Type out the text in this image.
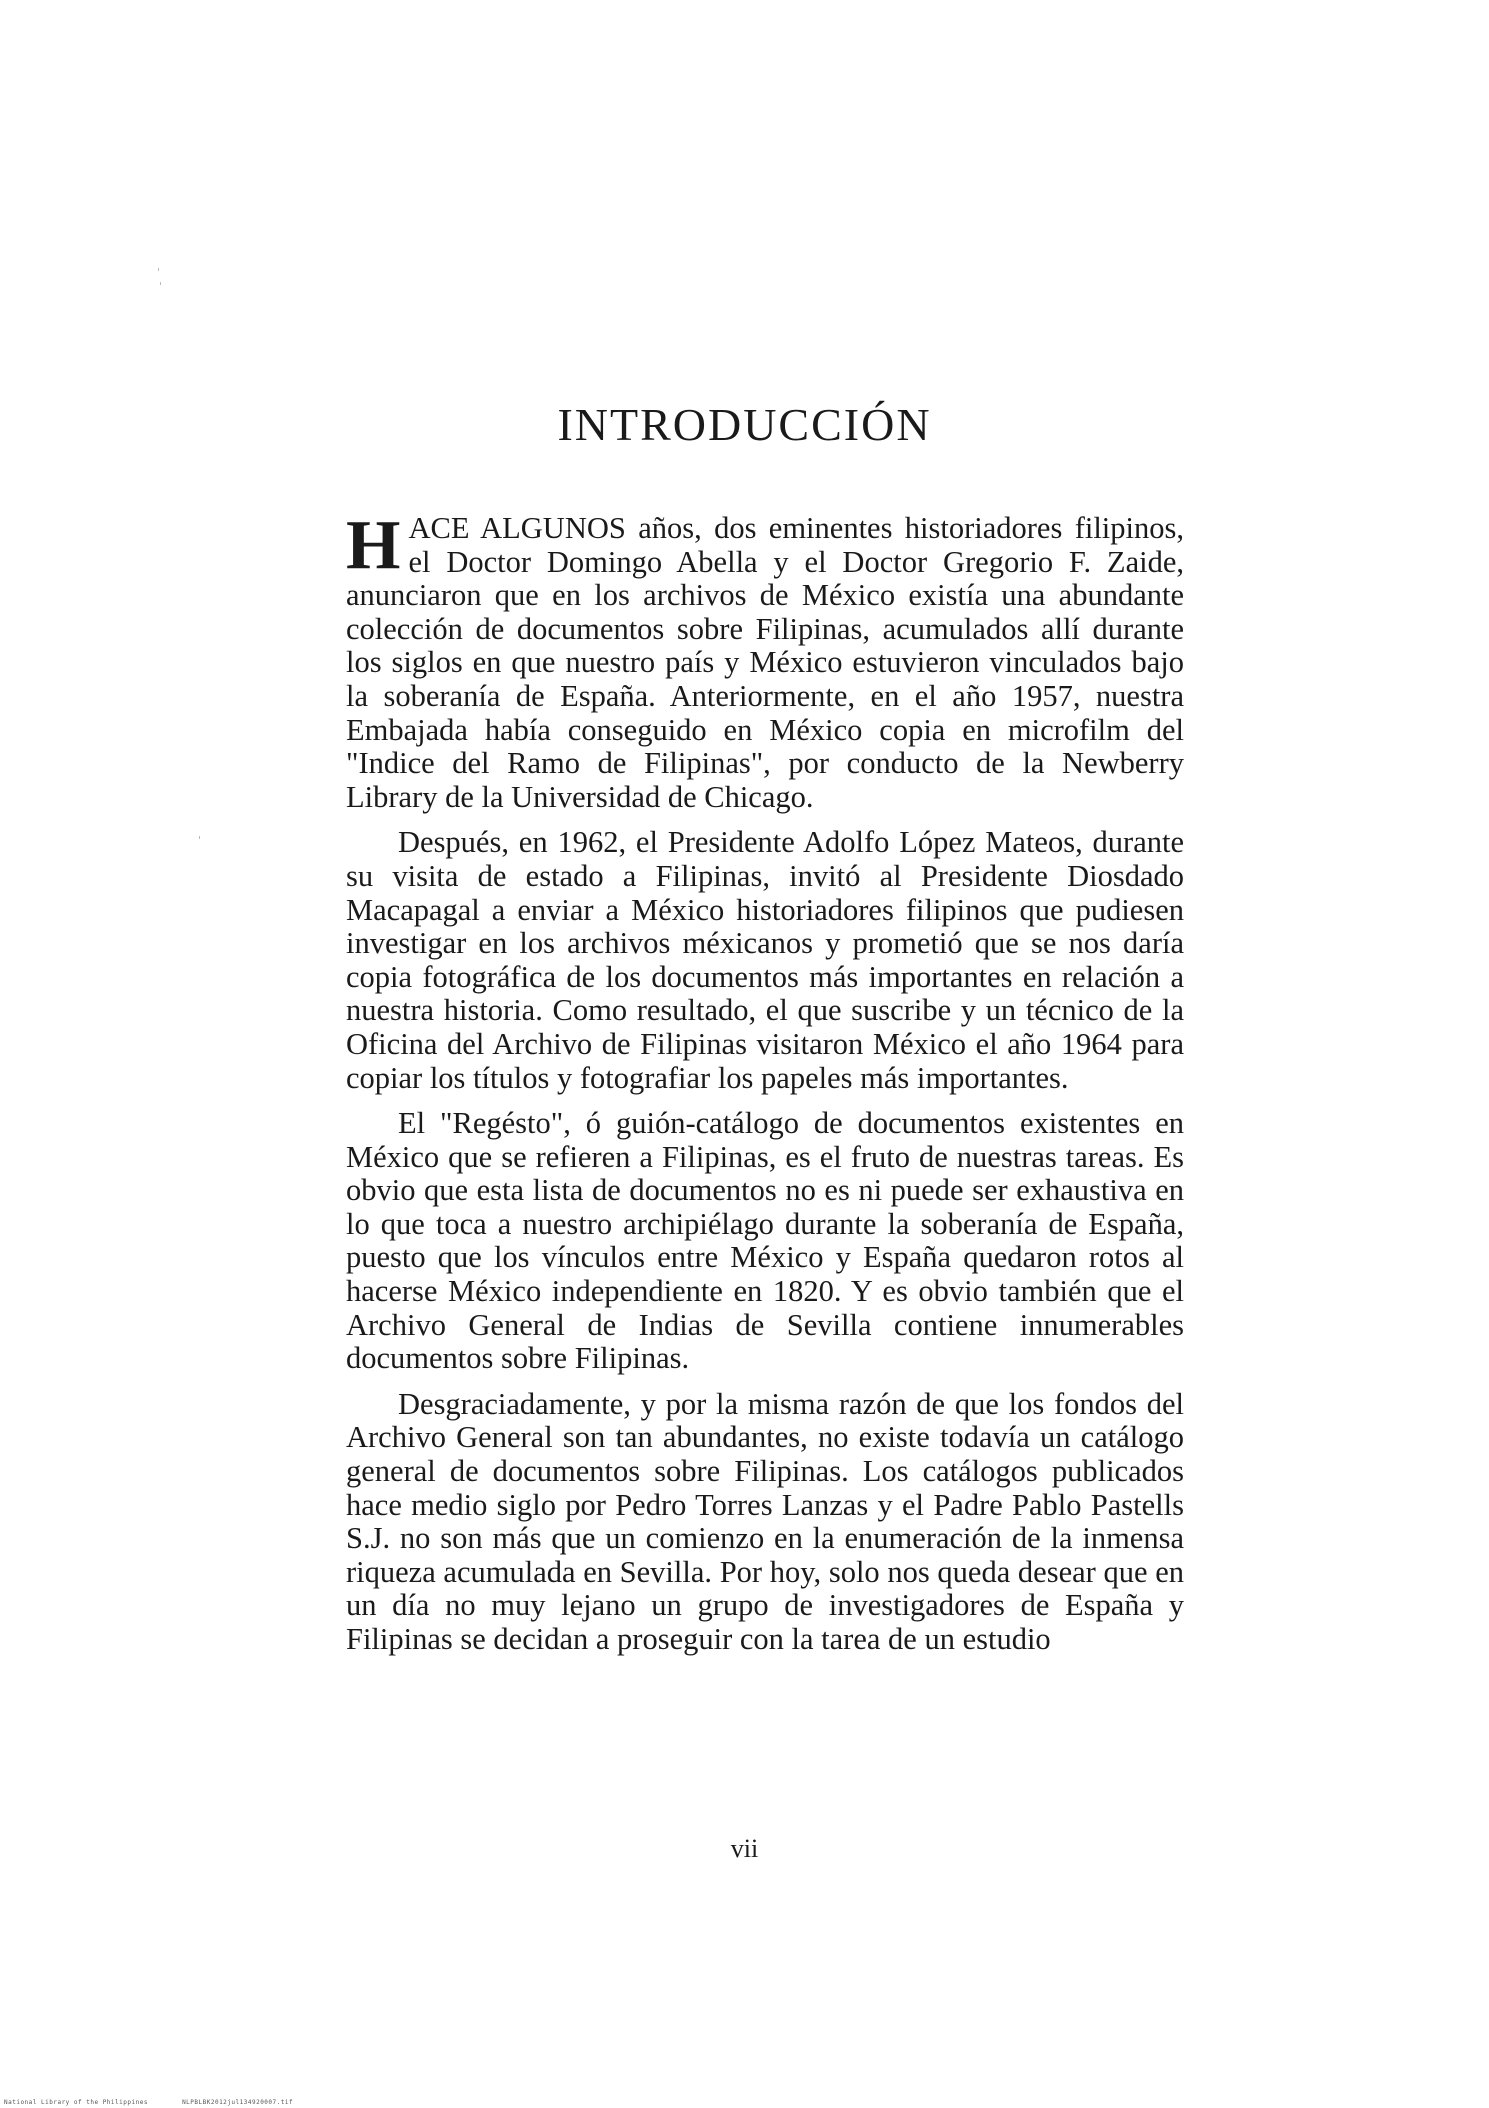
INTRODUCCIÓN

HACE ALGUNOS años, dos eminentes historiadores filipinos, el Doctor Domingo Abella y el Doctor Gregorio F. Zaide, anunciaron que en los archivos de México existía una abundante colección de documentos sobre Filipinas, acumulados allí durante los siglos en que nuestro país y México estuvieron vinculados bajo la soberanía de España. Anteriormente, en el año 1957, nuestra Embajada había conseguido en México copia en microfilm del "Indice del Ramo de Filipinas", por conducto de la Newberry Library de la Universidad de Chicago.

Después, en 1962, el Presidente Adolfo López Mateos, durante su visita de estado a Filipinas, invitó al Presidente Diosdado Macapagal a enviar a México historiadores filipinos que pudiesen investigar en los archivos méxicanos y prometió que se nos daría copia fotográfica de los documentos más importantes en relación a nuestra historia. Como resultado, el que suscribe y un técnico de la Oficina del Archivo de Filipinas visitaron México el año 1964 para copiar los títulos y fotografiar los papeles más importantes.

El "Regésto", ó guión-catálogo de documentos existentes en México que se refieren a Filipinas, es el fruto de nuestras tareas. Es obvio que esta lista de documentos no es ni puede ser exhaustiva en lo que toca a nuestro archipiélago durante la soberanía de España, puesto que los vínculos entre México y España quedaron rotos al hacerse México independiente en 1820. Y es obvio también que el Archivo General de Indias de Sevilla contiene innumerables documentos sobre Filipinas.

Desgraciadamente, y por la misma razón de que los fondos del Archivo General son tan abundantes, no existe todavía un catálogo general de documentos sobre Filipinas. Los catálogos publicados hace medio siglo por Pedro Torres Lanzas y el Padre Pablo Pastells S.J. no son más que un comienzo en la enumeración de la inmensa riqueza acumulada en Sevilla. Por hoy, solo nos queda desear que en un día no muy lejano un grupo de investigadores de España y Filipinas se decidan a proseguir con la tarea de un estudio

vii
National Library of the Philippines	NLPBLBK2012jul134920007.tif
